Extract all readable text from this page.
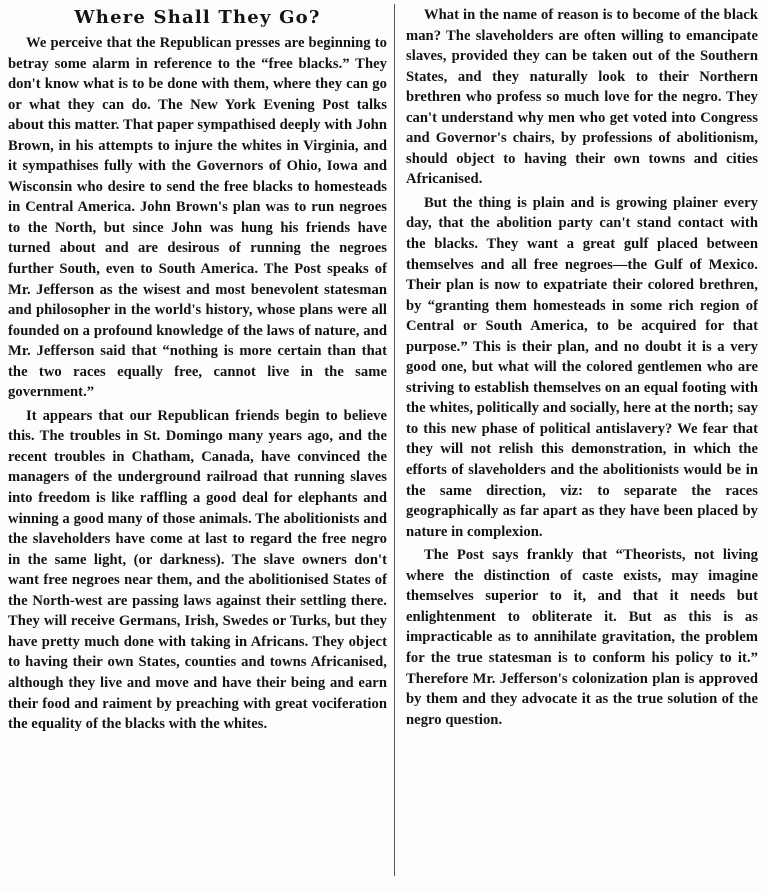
Where Shall They Go?

We perceive that the Republican presses are beginning to betray some alarm in reference to the “free blacks.” They don't know what is to be done with them, where they can go or what they can do. The New York Evening Post talks about this matter. That paper sympathised deeply with John Brown, in his attempts to injure the whites in Virginia, and it sympathises fully with the Governors of Ohio, Iowa and Wisconsin who desire to send the free blacks to homesteads in Central America. John Brown's plan was to run negroes to the North, but since John was hung his friends have turned about and are desirous of running the negroes further South, even to South America. The Post speaks of Mr. Jefferson as the wisest and most benevolent statesman and philosopher in the world's history, whose plans were all founded on a profound knowledge of the laws of nature, and Mr. Jefferson said that “nothing is more certain than that the two races equally free, cannot live in the same government.”

It appears that our Republican friends begin to believe this. The troubles in St. Domingo many years ago, and the recent troubles in Chatham, Canada, have convinced the managers of the underground railroad that running slaves into freedom is like raffling a good deal for elephants and winning a good many of those animals. The abolitionists and the slaveholders have come at last to regard the free negro in the same light, (or darkness). The slave owners don't want free negroes near them, and the abolitionised States of the North-west are passing laws against their settling there. They will receive Germans, Irish, Swedes or Turks, but they have pretty much done with taking in Africans. They object to having their own States, counties and towns Africanised, although they live and move and have their being and earn their food and raiment by preaching with great vociferation the equality of the blacks with the whites.

What in the name of reason is to become of the black man? The slaveholders are often willing to emancipate slaves, provided they can be taken out of the Southern States, and they naturally look to their Northern brethren who profess so much love for the negro. They can't understand why men who get voted into Congress and Governor's chairs, by professions of abolitionism, should object to having their own towns and cities Africanised.

But the thing is plain and is growing plainer every day, that the abolition party can't stand contact with the blacks. They want a great gulf placed between themselves and all free negroes—the Gulf of Mexico. Their plan is now to expatriate their colored brethren, by “granting them homesteads in some rich region of Central or South America, to be acquired for that purpose.” This is their plan, and no doubt it is a very good one, but what will the colored gentlemen who are striving to establish themselves on an equal footing with the whites, politically and socially, here at the north; say to this new phase of political antislavery? We fear that they will not relish this demonstration, in which the efforts of slaveholders and the abolitionists would be in the same direction, viz: to separate the races geographically as far apart as they have been placed by nature in complexion.

The Post says frankly that “Theorists, not living where the distinction of caste exists, may imagine themselves superior to it, and that it needs but enlightenment to obliterate it. But as this is as impracticable as to annihilate gravitation, the problem for the true statesman is to conform his policy to it.” Therefore Mr. Jefferson's colonization plan is approved by them and they advocate it as the true solution of the negro question.
